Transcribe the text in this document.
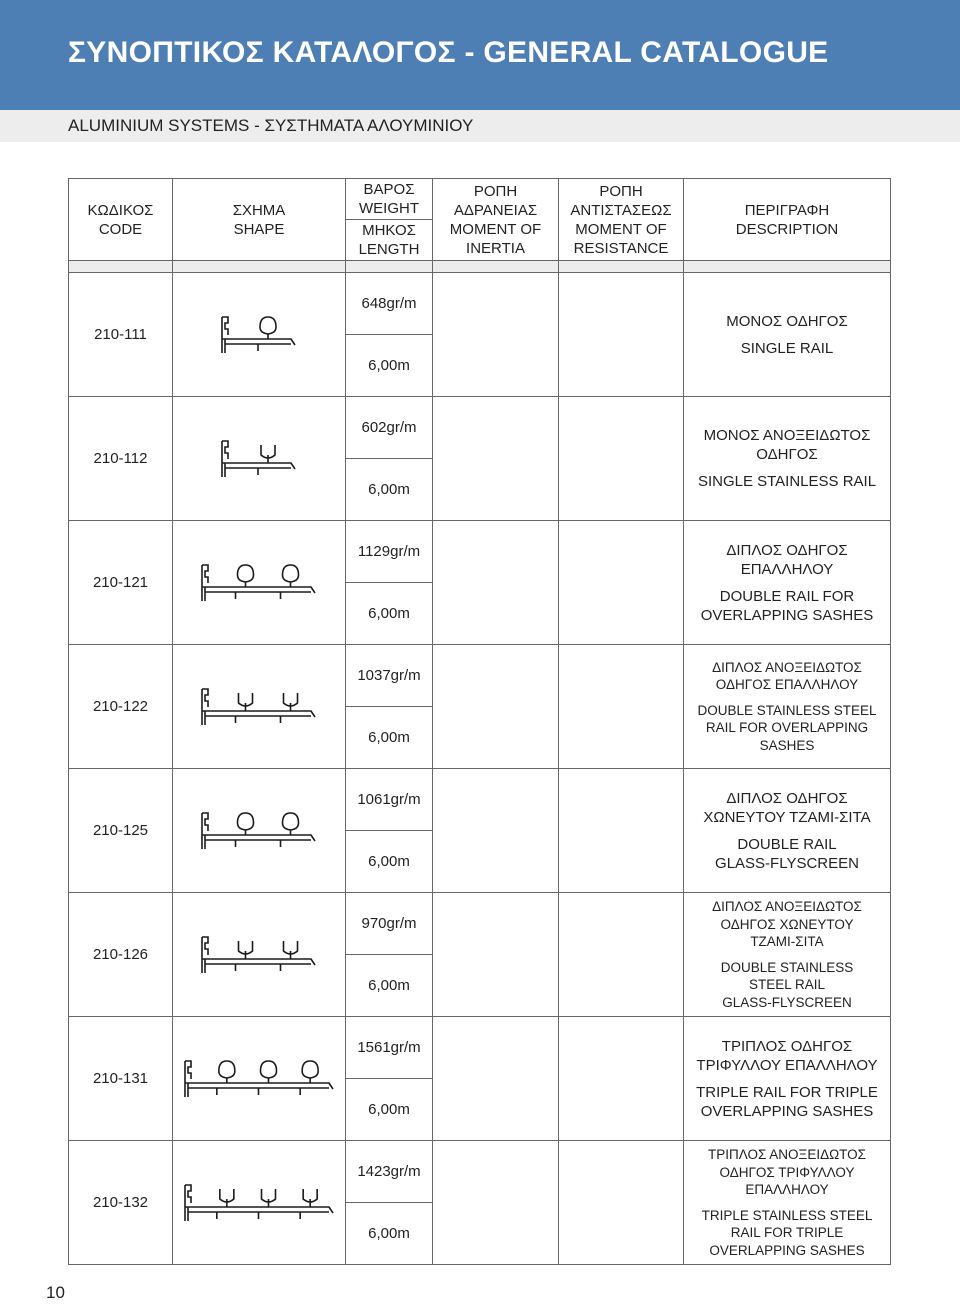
ΣΥΝΟΠΤΙΚΟΣ ΚΑΤΑΛΟΓΟΣ - GENERAL CATALOGUE
ALUMINIUM SYSTEMS - ΣΥΣΤΗΜΑΤΑ ΑΛΟΥΜΙΝΙΟΥ
ΚΩΔΙΚΟΣ
CODE
ΣΧΗΜΑ
SHAPE
ΒΑΡΟΣ
WEIGHT
ΜΗΚΟΣ
LENGTH
ΡΟΠΗ
ΑΔΡΑΝΕΙΑΣ
MOMENT OF
INERTIA
ΡΟΠΗ
ΑΝΤΙΣΤΑΣΕΩΣ
MOMENT OF
RESISTANCE
ΠΕΡΙΓΡΑΦΗ
DESCRIPTION
210-111
648gr/m
6,00m
ΜΟΝΟΣ ΟΔΗΓΟΣ
SINGLE RAIL
210-112
602gr/m
6,00m
ΜΟΝΟΣ ΑΝΟΞΕΙΔΩΤΟΣ
ΟΔΗΓΟΣ
SINGLE STAINLESS RAIL
210-121
1129gr/m
6,00m
ΔΙΠΛΟΣ ΟΔΗΓΟΣ
ΕΠΑΛΛΗΛΟΥ
DOUBLE RAIL FOR
OVERLAPPING SASHES
210-122
1037gr/m
6,00m
ΔΙΠΛΟΣ ΑΝΟΞΕΙΔΩΤΟΣ
ΟΔΗΓΟΣ ΕΠΑΛΛΗΛΟΥ
DOUBLE STAINLESS STEEL
RAIL FOR OVERLAPPING
SASHES
210-125
1061gr/m
6,00m
ΔΙΠΛΟΣ ΟΔΗΓΟΣ
ΧΩΝΕΥΤΟΥ ΤΖΑΜΙ-ΣΙΤΑ
DOUBLE RAIL
GLASS-FLYSCREEN
210-126
970gr/m
6,00m
ΔΙΠΛΟΣ ΑΝΟΞΕΙΔΩΤΟΣ
ΟΔΗΓΟΣ ΧΩΝΕΥΤΟΥ
ΤΖΑΜΙ-ΣΙΤΑ
DOUBLE STAINLESS
STEEL RAIL
GLASS-FLYSCREEN
210-131
1561gr/m
6,00m
ΤΡΙΠΛΟΣ ΟΔΗΓΟΣ
ΤΡΙΦΥΛΛΟΥ ΕΠΑΛΛΗΛΟΥ
TRIPLE RAIL FOR TRIPLE
OVERLAPPING SASHES
210-132
1423gr/m
6,00m
ΤΡΙΠΛΟΣ ΑΝΟΞΕΙΔΩΤΟΣ
ΟΔΗΓΟΣ ΤΡΙΦΥΛΛΟΥ
ΕΠΑΛΛΗΛΟΥ
TRIPLE STAINLESS STEEL
RAIL FOR TRIPLE
OVERLAPPING SASHES
10
